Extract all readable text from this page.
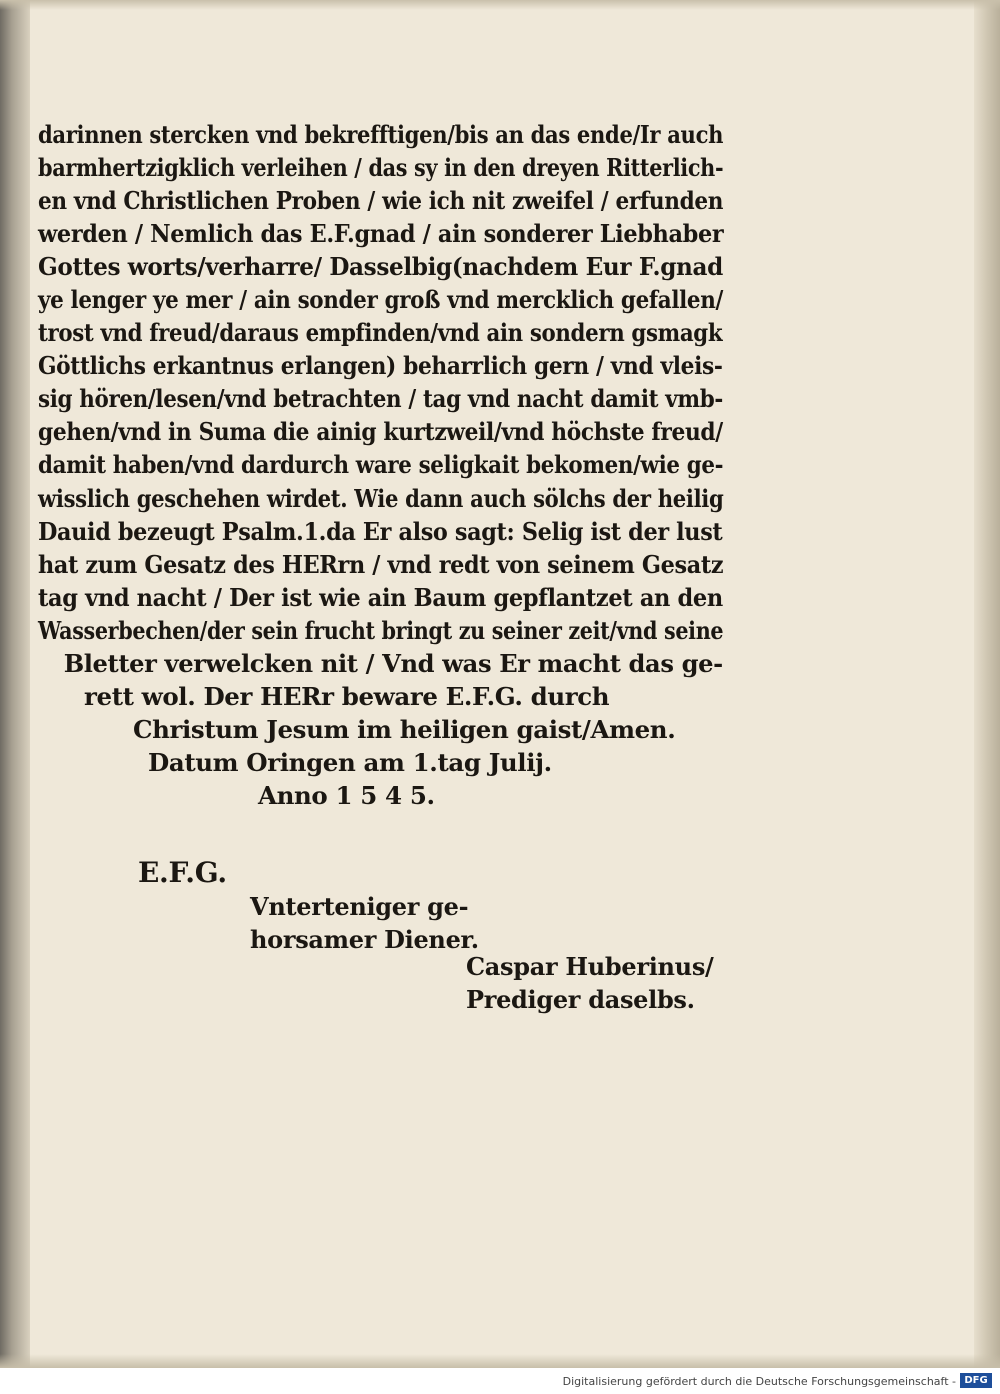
darinnen stercken vnd bekrefftigen/bis an das ende/Ir auch
barmhertzigklich verleihen / das sy in den dreyen Ritterlich-
en vnd Christlichen Proben / wie ich nit zweifel / erfunden
werden / Nemlich das E.F.gnad / ain sonderer Liebhaber
Gottes worts/verharre/ Dasselbig(nachdem Eur F.gnad
ye lenger ye mer / ain sonder groß vnd mercklich gefallen/
trost vnd freud/daraus empfinden/vnd ain sondern gsmagk
Göttlichs erkantnus erlangen) beharrlich gern / vnd vleis-
sig hören/lesen/vnd betrachten / tag vnd nacht damit vmb-
gehen/vnd in Suma die ainig kurtzweil/vnd höchste freud/
damit haben/vnd dardurch ware seligkait bekomen/wie ge-
wisslich geschehen wirdet. Wie dann auch sölchs der heilig
Dauid bezeugt Psalm.1.da Er also sagt: Selig ist der lust
hat zum Gesatz des HERrn / vnd redt von seinem Gesatz
tag vnd nacht / Der ist wie ain Baum gepflantzet an den
Wasserbechen/der sein frucht bringt zu seiner zeit/vnd seine
Bletter verwelcken nit / Vnd was Er macht das ge-
rett wol. Der HERr beware E.F.G. durch
Christum Jesum im heiligen gaist/Amen.
Datum Oringen am 1.tag Julij.
Anno 1 5 4 5.
E.F.G.
Vnterteniger ge-
horsamer Diener.
Caspar Huberinus/
Prediger daselbs.
Digitalisierung gefördert durch die Deutsche Forschungsgemeinschaft - DFG
